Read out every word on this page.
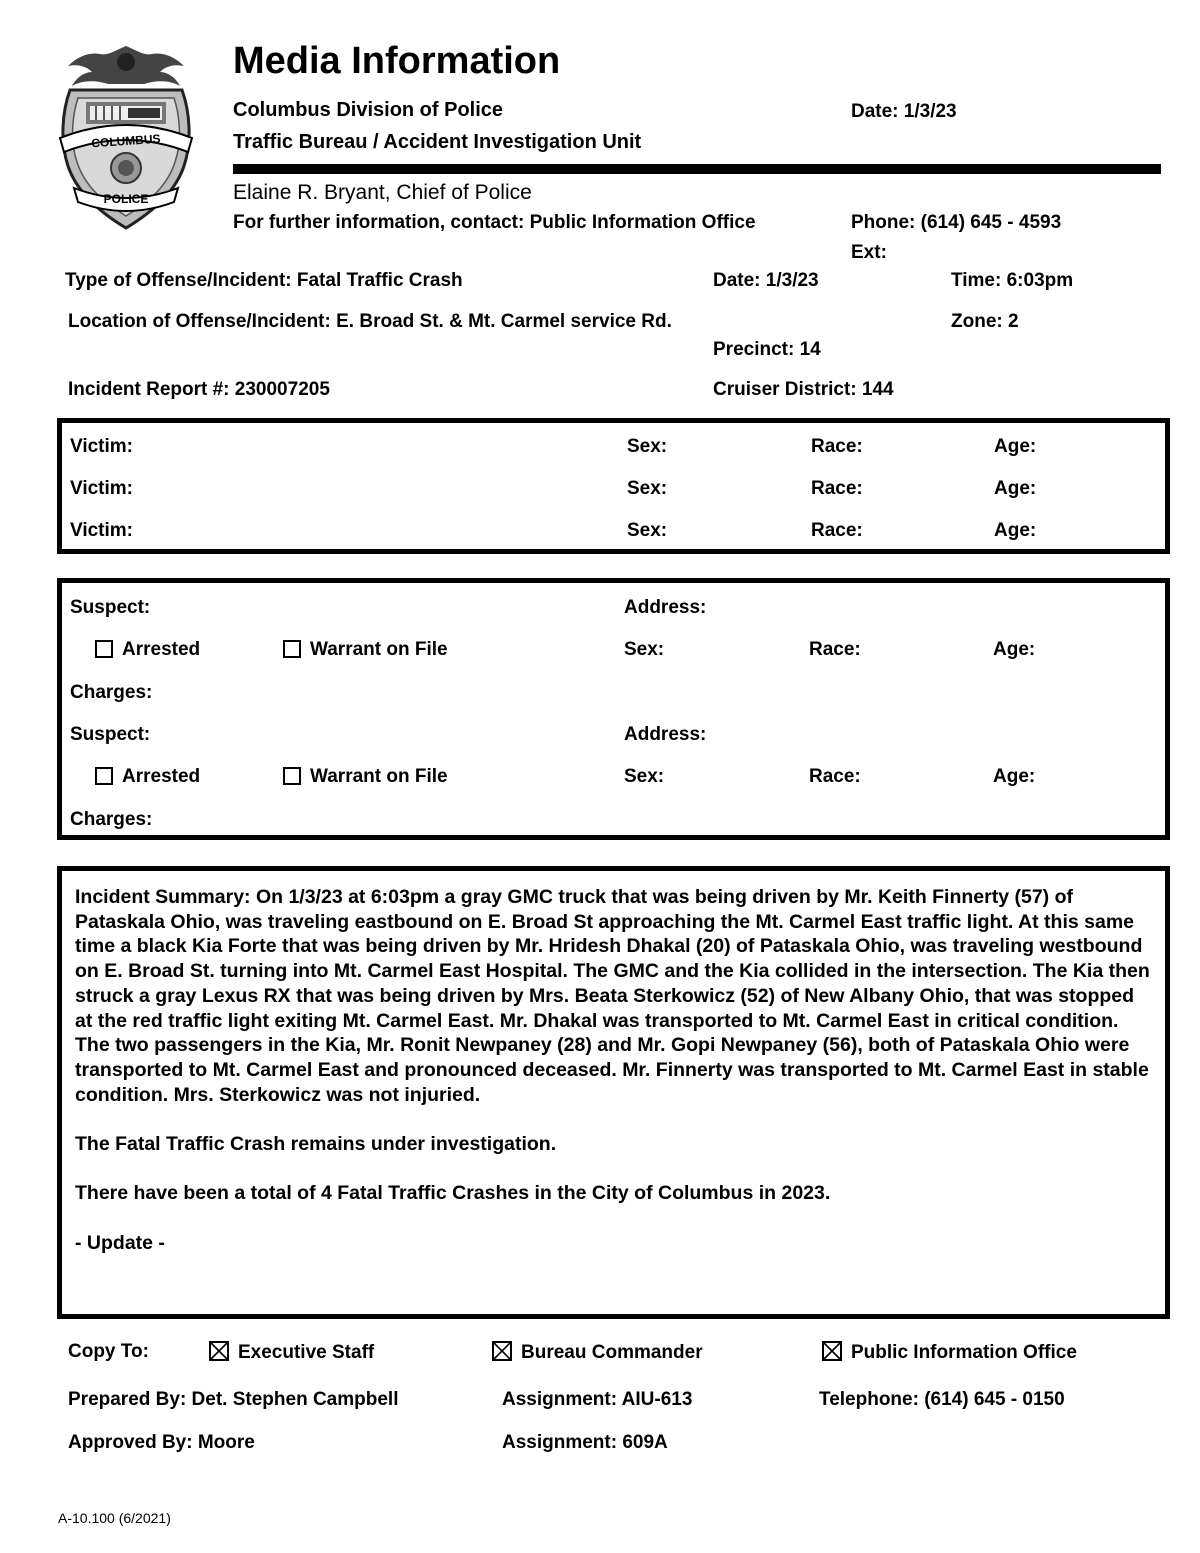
COLUMBUS
POLICE
Media Information
Columbus Division of Police	Date: 1/3/23
Traffic Bureau / Accident Investigation Unit
Elaine R. Bryant, Chief of Police
For further information, contact: Public Information Office	Phone: (614) 645 - 4593
Ext:
Type of Offense/Incident: Fatal Traffic Crash	Date: 1/3/23	Time: 6:03pm
Location of Offense/Incident: E. Broad St. & Mt. Carmel service Rd.	Zone: 2
Precinct: 14
Incident Report #: 230007205	Cruiser District: 144
Victim:	Sex:	Race:	Age:
Victim:	Sex:	Race:	Age:
Victim:	Sex:	Race:	Age:
Suspect:	Address:
Arrested	Warrant on File	Sex:	Race:	Age:
Charges:
Suspect:	Address:
Arrested	Warrant on File	Sex:	Race:	Age:
Charges:

Incident Summary: On 1/3/23 at 6:03pm a gray GMC truck that was being driven by Mr. Keith Finnerty (57) of Pataskala Ohio, was traveling eastbound on E. Broad St approaching the Mt. Carmel East traffic light. At this same time a black Kia Forte that was being driven by Mr. Hridesh Dhakal (20) of Pataskala Ohio, was traveling westbound on E. Broad St. turning into Mt. Carmel East Hospital. The GMC and the Kia collided in the intersection. The Kia then struck a gray Lexus RX that was being driven by Mrs. Beata Sterkowicz (52) of New Albany Ohio, that was stopped at the red traffic light exiting Mt. Carmel East. Mr. Dhakal was transported to Mt. Carmel East in critical condition. The two passengers in the Kia, Mr. Ronit Newpaney (28) and Mr. Gopi Newpaney (56), both of Pataskala Ohio were transported to Mt. Carmel East and pronounced deceased. Mr. Finnerty was transported to Mt. Carmel East in stable condition. Mrs. Sterkowicz was not injuried.

The Fatal Traffic Crash remains under investigation.

There have been a total of 4 Fatal Traffic Crashes in the City of Columbus in 2023.

- Update -

Copy To:	Executive Staff	Bureau Commander	Public Information Office
Prepared By: Det. Stephen Campbell	Assignment: AIU-613	Telephone: (614) 645 - 0150
Approved By: Moore	Assignment: 609A
A-10.100 (6/2021)
